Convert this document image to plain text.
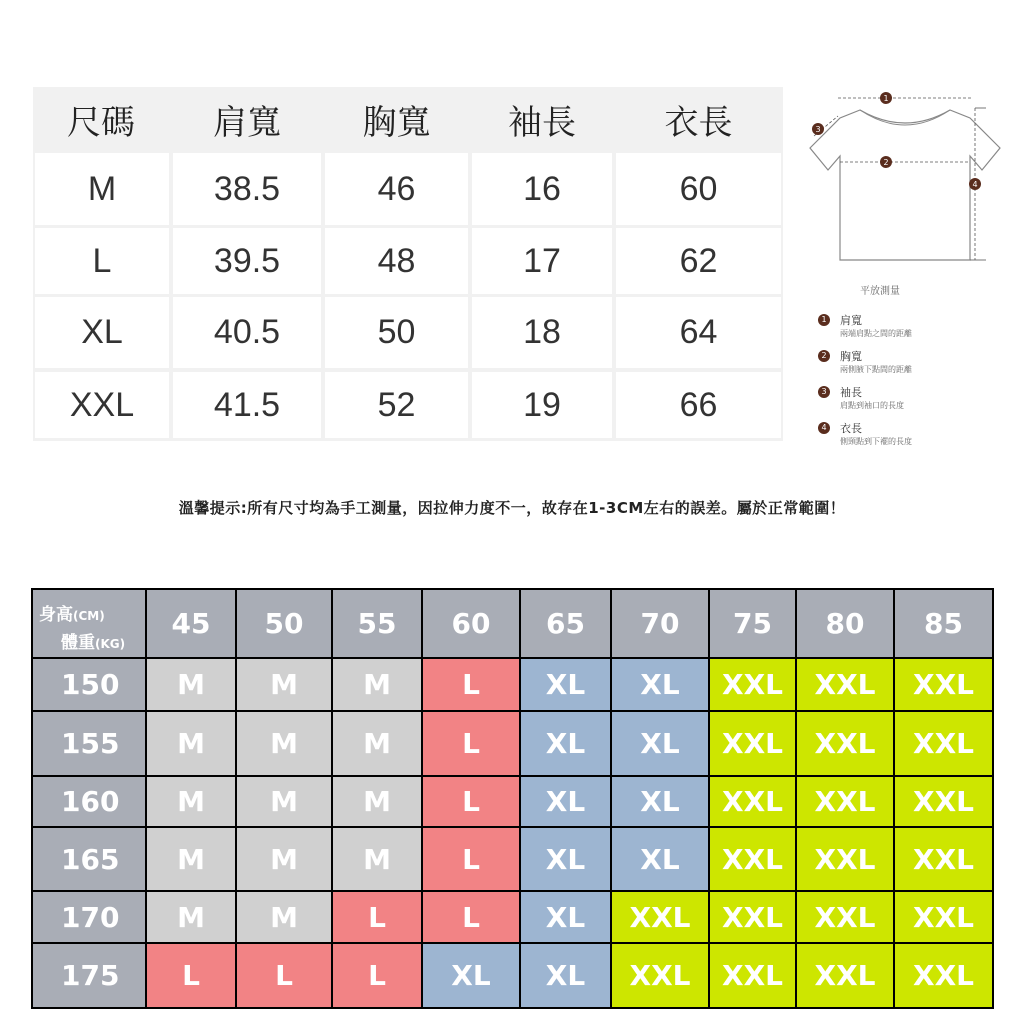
尺碼	肩寬	胸寬	袖長	衣長
M	38.5	46	16	60
L	39.5	48	17	62
XL	40.5	50	18	64
XXL	41.5	52	19	66
1
2
3
4
平放測量
1	肩寬
兩端肩點之間的距離
2	胸寬
兩側腋下點間的距離
3	袖長
肩點到袖口的長度
4	衣長
側頸點到下襬的長度
溫馨提示:所有尺寸均為手工測量，因拉伸力度不一，故存在1-3CM左右的誤差。屬於正常範圍！
身高(CM)
體重(KG)
45	50	55	60	65	70	75	80	85
150	M	M	M	L	XL	XL	XXL	XXL	XXL
155	M	M	M	L	XL	XL	XXL	XXL	XXL
160	M	M	M	L	XL	XL	XXL	XXL	XXL
165	M	M	M	L	XL	XL	XXL	XXL	XXL
170	M	M	L	L	XL	XXL	XXL	XXL	XXL
175	L	L	L	XL	XL	XXL	XXL	XXL	XXL
